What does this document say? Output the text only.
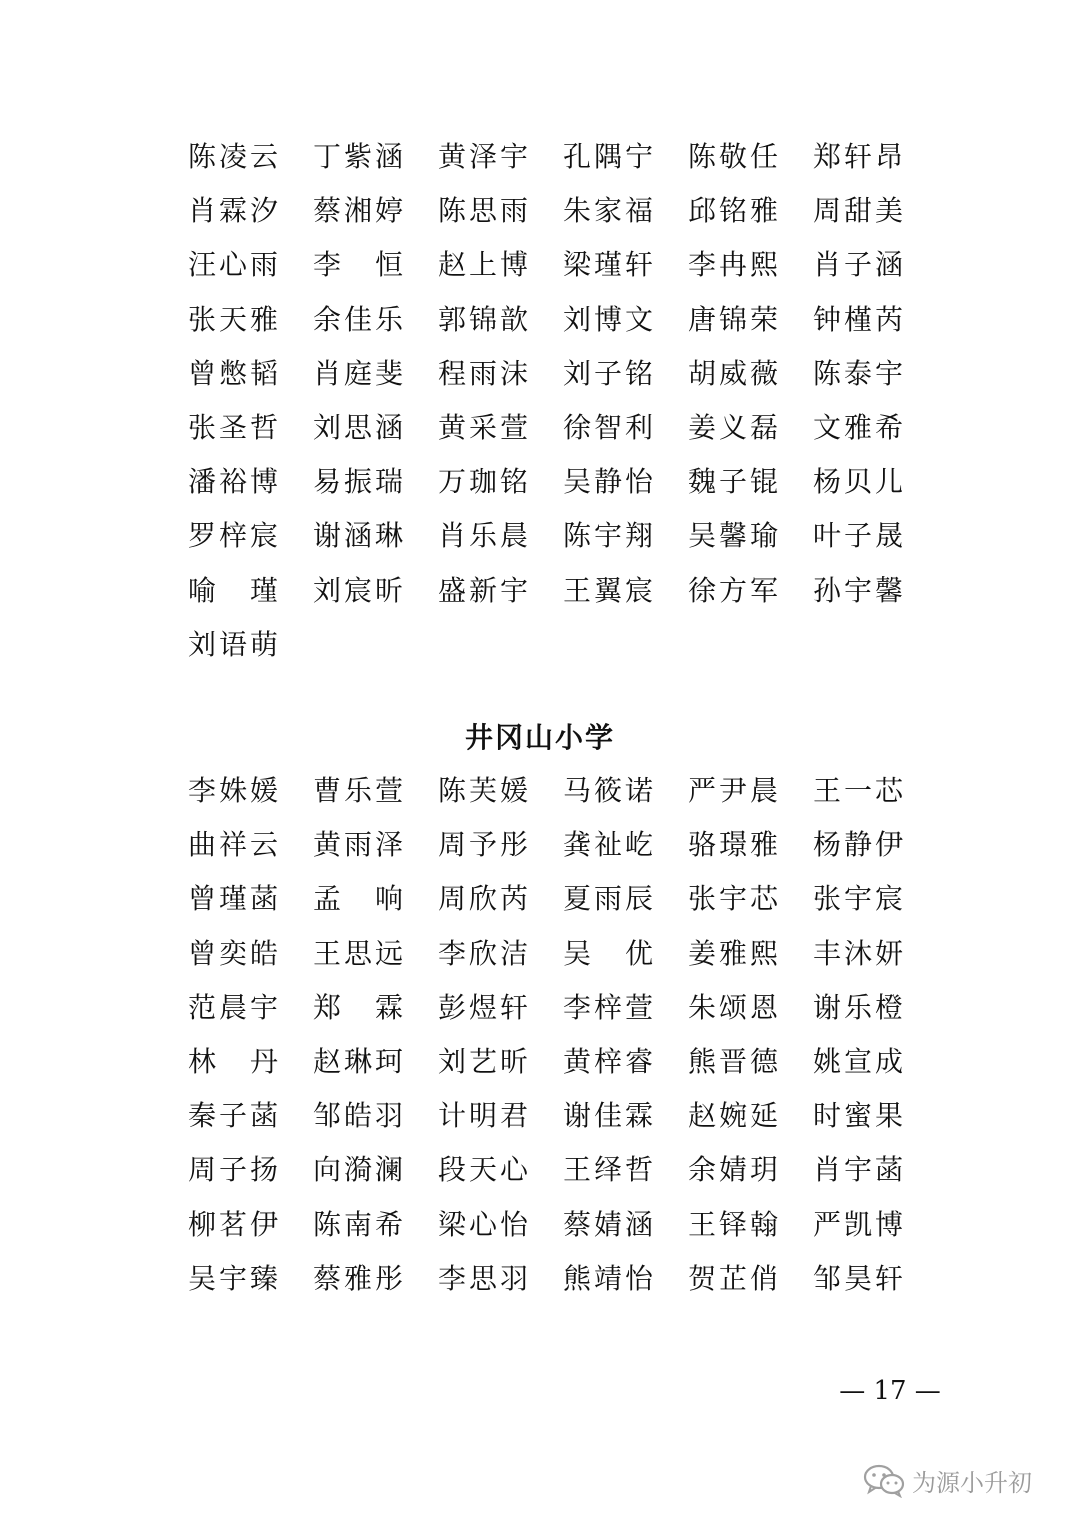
陈凌云	丁紫涵	黄泽宇	孔隅宁	陈敬任	郑轩昂
肖霖汐	蔡湘婷	陈思雨	朱家福	邱铭雅	周甜美
汪心雨	李　恒	赵上博	梁瑾轩	李冉熙	肖子涵
张天雅	余佳乐	郭锦歆	刘博文	唐锦荣	钟槿芮
曾憋韬	肖庭斐	程雨沫	刘子铭	胡威薇	陈泰宇
张圣哲	刘思涵	黄采萱	徐智利	姜义磊	文雅希
潘裕博	易振瑞	万珈铭	吴静怡	魏子锟	杨贝儿
罗梓宸	谢涵琳	肖乐晨	陈宇翔	吴馨瑜	叶子晟
喻　瑾	刘宸昕	盛新宇	王翼宸	徐方军	孙宇馨
刘语萌
井冈山小学
李姝媛	曹乐萱	陈芙媛	马筱诺	严尹晨	王一芯
曲祥云	黄雨泽	周予彤	龚祉屹	骆璟雅	杨静伊
曾瑾菡	孟　响	周欣芮	夏雨辰	张宇芯	张宇宸
曾奕皓	王思远	李欣洁	吴　优	姜雅熙	丰沐妍
范晨宇	郑　霖	彭煜轩	李梓萱	朱颂恩	谢乐橙
林　丹	赵琳珂	刘艺昕	黄梓睿	熊晋德	姚宣成
秦子菡	邹皓羽	计明君	谢佳霖	赵婉延	时蜜果
周子扬	向漪澜	段天心	王绎哲	余婧玥	肖宇菡
柳茗伊	陈南希	梁心怡	蔡婧涵	王铎翰	严凯博
吴宇臻	蔡雅彤	李思羽	熊靖怡	贺芷俏	邹昊轩
— 17 —
为源小升初
